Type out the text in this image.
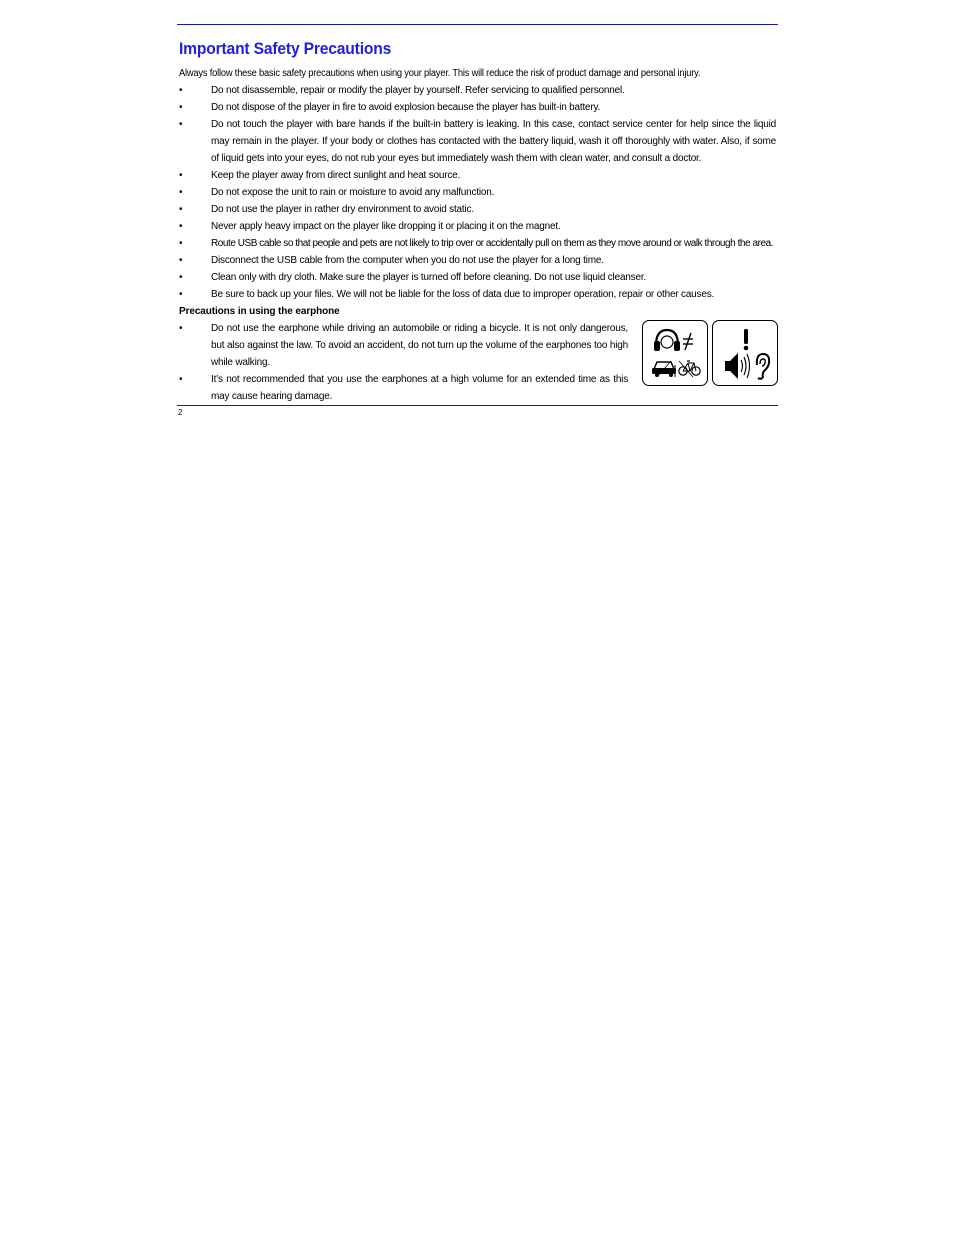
Important Safety Precautions

Always follow these basic safety precautions when using your player. This will reduce the risk of product damage and personal injury.

•	Do not disassemble, repair or modify the player by yourself. Refer servicing to qualified personnel.
•	Do not dispose of the player in fire to avoid explosion because the player has built-in battery.
•	Do not touch the player with bare hands if the built-in battery is leaking. In this case, contact service center for help since the liquid may remain in the player. If your body or clothes has contacted with the battery liquid, wash it off thoroughly with water. Also, if some of liquid gets into your eyes, do not rub your eyes but immediately wash them with clean water, and consult a doctor.
•	Keep the player away from direct sunlight and heat source.
•	Do not expose the unit to rain or moisture to avoid any malfunction.
•	Do not use the player in rather dry environment to avoid static.
•	Never apply heavy impact on the player like dropping it or placing it on the magnet.
•	Route USB cable so that people and pets are not likely to trip over or accidentally pull on them as they move around or walk through the area.
•	Disconnect the USB cable from the computer when you do not use the player for a long time.
•	Clean only with dry cloth. Make sure the player is turned off before cleaning. Do not use liquid cleanser.
•	Be sure to back up your files. We will not be liable for the loss of data due to improper operation, repair or other causes.

Precautions in using the earphone

•	Do not use the earphone while driving an automobile or riding a bicycle. It is not only dangerous, but also against the law. To avoid an accident, do not turn up the volume of the earphones too high while walking.
•	It’s not recommended that you use the earphones at a high volume for an extended time as this may cause hearing damage.
2
